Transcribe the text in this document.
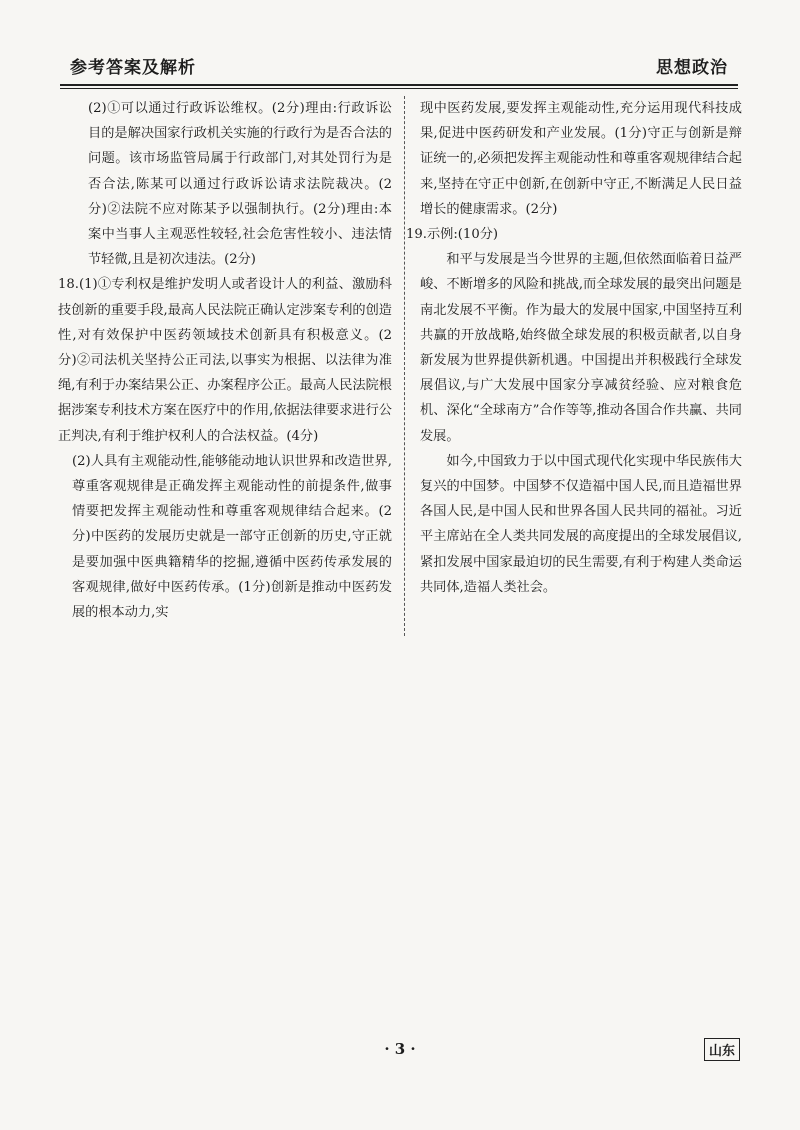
参考答案及解析	思想政治

(2)①可以通过行政诉讼维权。(2分)理由:行政诉讼目的是解决国家行政机关实施的行政行为是否合法的问题。该市场监管局属于行政部门,对其处罚行为是否合法,陈某可以通过行政诉讼请求法院裁决。(2分)②法院不应对陈某予以强制执行。(2分)理由:本案中当事人主观恶性较轻,社会危害性较小、违法情节轻微,且是初次违法。(2分)

18.(1)①专利权是维护发明人或者设计人的利益、激励科技创新的重要手段,最高人民法院正确认定涉案专利的创造性,对有效保护中医药领域技术创新具有积极意义。(2分)②司法机关坚持公正司法,以事实为根据、以法律为准绳,有利于办案结果公正、办案程序公正。最高人民法院根据涉案专利技术方案在医疗中的作用,依据法律要求进行公正判决,有利于维护权利人的合法权益。(4分)

(2)人具有主观能动性,能够能动地认识世界和改造世界,尊重客观规律是正确发挥主观能动性的前提条件,做事情要把发挥主观能动性和尊重客观规律结合起来。(2分)中医药的发展历史就是一部守正创新的历史,守正就是要加强中医典籍精华的挖掘,遵循中医药传承发展的客观规律,做好中医药传承。(1分)创新是推动中医药发展的根本动力,实

现中医药发展,要发挥主观能动性,充分运用现代科技成果,促进中医药研发和产业发展。(1分)守正与创新是辩证统一的,必须把发挥主观能动性和尊重客观规律结合起来,坚持在守正中创新,在创新中守正,不断满足人民日益增长的健康需求。(2分)

19.示例:(10分)

和平与发展是当今世界的主题,但依然面临着日益严峻、不断增多的风险和挑战,而全球发展的最突出问题是南北发展不平衡。作为最大的发展中国家,中国坚持互利共赢的开放战略,始终做全球发展的积极贡献者,以自身新发展为世界提供新机遇。中国提出并积极践行全球发展倡议,与广大发展中国家分享减贫经验、应对粮食危机、深化“全球南方”合作等等,推动各国合作共赢、共同发展。

如今,中国致力于以中国式现代化实现中华民族伟大复兴的中国梦。中国梦不仅造福中国人民,而且造福世界各国人民,是中国人民和世界各国人民共同的福祉。习近平主席站在全人类共同发展的高度提出的全球发展倡议,紧扣发展中国家最迫切的民生需要,有利于构建人类命运共同体,造福人类社会。

· 3 ·	山东
